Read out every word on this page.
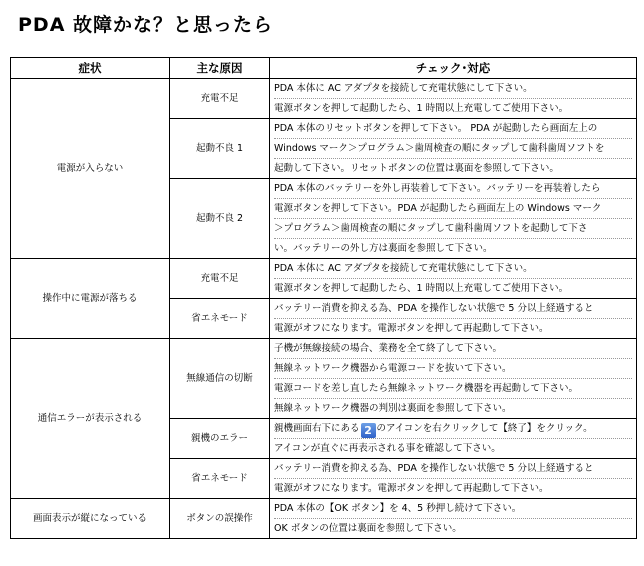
PDA 故障かな？と思ったら
症状	主な原因	チェック･対応
電源が入らない	充電不足	PDA 本体に AC アダプタを接続して充電状態にして下さい。
電源ボタンを押して起動したら、1 時間以上充電してご使用下さい。

	起動不良 1	PDA 本体のリセットボタンを押して下さい。 PDA が起動したら画面左上の
Windows マーク＞プログラム＞歯周検査の順にタップして歯科歯周ソフトを
起動して下さい。リセットボタンの位置は裏面を参照して下さい。

	起動不良 2	PDA 本体のバッテリーを外し再装着して下さい。バッテリーを再装着したら
電源ボタンを押して下さい。PDA が起動したら画面左上の Windows マーク
＞プログラム＞歯周検査の順にタップして歯科歯周ソフトを起動して下さ
い。バッテリーの外し方は裏面を参照して下さい。

操作中に電源が落ちる	充電不足	PDA 本体に AC アダプタを接続して充電状態にして下さい。
電源ボタンを押して起動したら、1 時間以上充電してご使用下さい。

	省エネモード	バッテリー消費を抑える為、PDA を操作しない状態で 5 分以上経過すると
電源がオフになります。電源ボタンを押して再起動して下さい。

通信エラーが表示される	無線通信の切断	子機が無線接続の場合、業務を全て終了して下さい。
無線ネットワーク機器から電源コードを抜いて下さい。
電源コードを差し直したら無線ネットワーク機器を再起動して下さい。
無線ネットワーク機器の判別は裏面を参照して下さい。

	親機のエラー	親機画面右下にある 2 のアイコンを右クリックして【終了】をクリック。
アイコンが直ぐに再表示される事を確認して下さい。

	省エネモード	バッテリー消費を抑える為、PDA を操作しない状態で 5 分以上経過すると
電源がオフになります。電源ボタンを押して再起動して下さい。

画面表示が縦になっている	ボタンの誤操作	PDA 本体の【OK ボタン】を 4、5 秒押し続けて下さい。
OK ボタンの位置は裏面を参照して下さい。
